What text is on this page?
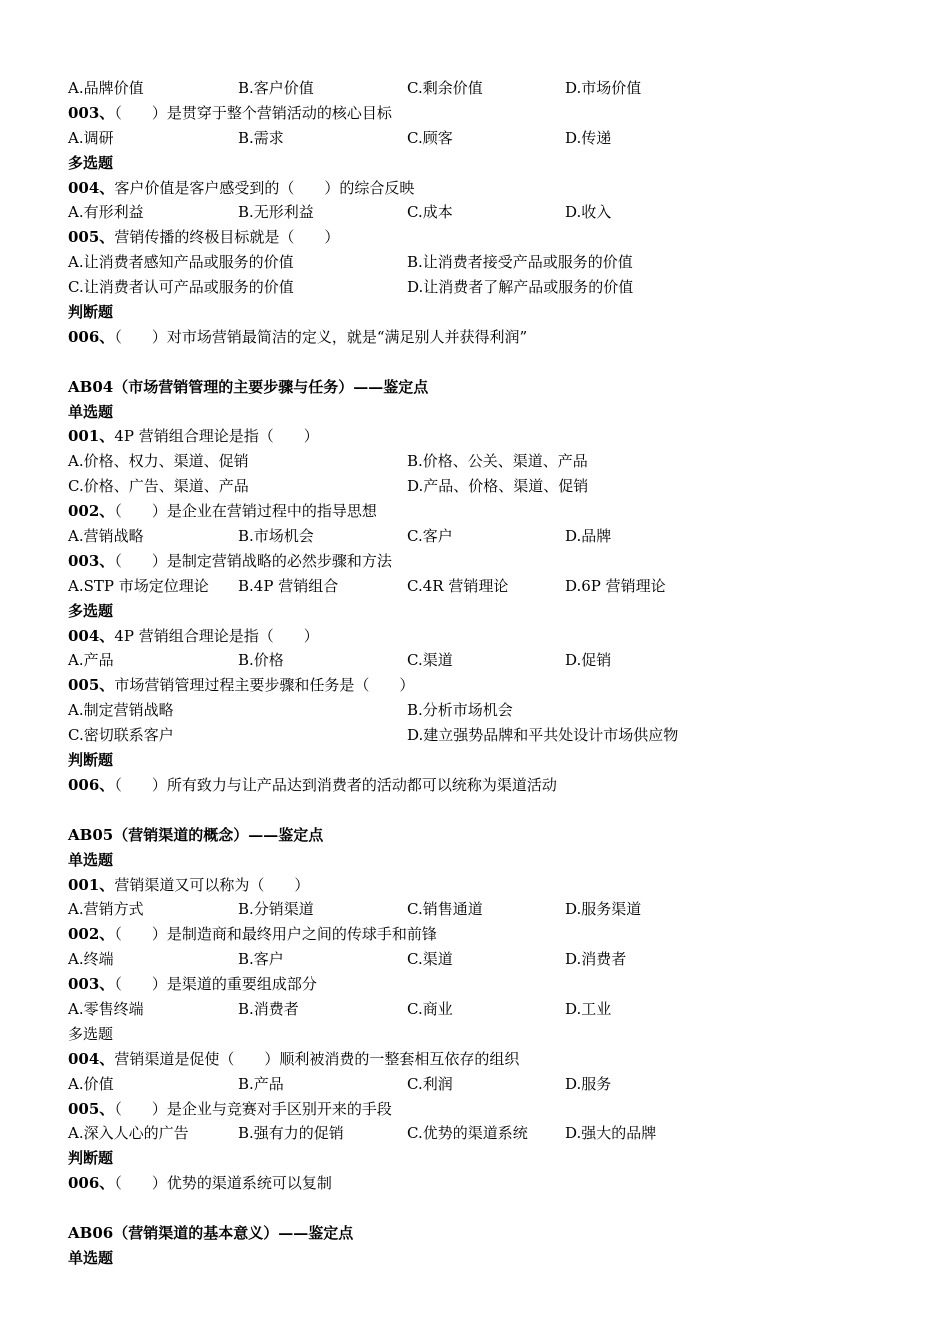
A.品牌价值	B.客户价值	C.剩余价值	D.市场价值
003、（　　）是贯穿于整个营销活动的核心目标
A.调研	B.需求	C.顾客	D.传递
多选题
004、客户价值是客户感受到的（　　）的综合反映
A.有形利益	B.无形利益	C.成本	D.收入
005、营销传播的终极目标就是（　　）
A.让消费者感知产品或服务的价值	B.让消费者接受产品或服务的价值
C.让消费者认可产品或服务的价值	D.让消费者了解产品或服务的价值
判断题
006、（　　）对市场营销最简洁的定义，就是“满足别人并获得利润”
AB04（市场营销管理的主要步骤与任务）——鉴定点
单选题
001、4P 营销组合理论是指（　　）
A.价格、权力、渠道、促销	B.价格、公关、渠道、产品
C.价格、广告、渠道、产品	D.产品、价格、渠道、促销
002、（　　）是企业在营销过程中的指导思想
A.营销战略	B.市场机会	C.客户	D.品牌
003、（　　）是制定营销战略的必然步骤和方法
A.STP 市场定位理论 B.4P 营销组合	C.4R 营销理论	D.6P 营销理论
多选题
004、4P 营销组合理论是指（　　）
A.产品	B.价格	C.渠道	D.促销
005、市场营销管理过程主要步骤和任务是（　　）
A.制定营销战略	B.分析市场机会
C.密切联系客户	D.建立强势品牌和平共处设计市场供应物
判断题
006、（　　）所有致力与让产品达到消费者的活动都可以统称为渠道活动
AB05（营销渠道的概念）——鉴定点
单选题
001、营销渠道又可以称为（　　）
A.营销方式	B.分销渠道	C.销售通道	D.服务渠道
002、（　　）是制造商和最终用户之间的传球手和前锋
A.终端	B.客户	C.渠道	D.消费者
003、（　　）是渠道的重要组成部分
A.零售终端	B.消费者	C.商业	D.工业
多选题
004、营销渠道是促使（　　）顺利被消费的一整套相互依存的组织
A.价值	B.产品	C.利润	D.服务
005、（　　）是企业与竞赛对手区别开来的手段
A.深入人心的广告	B.强有力的促销	C.优势的渠道系统 D.强大的品牌
判断题
006、（　　）优势的渠道系统可以复制
AB06（营销渠道的基本意义）——鉴定点
单选题
